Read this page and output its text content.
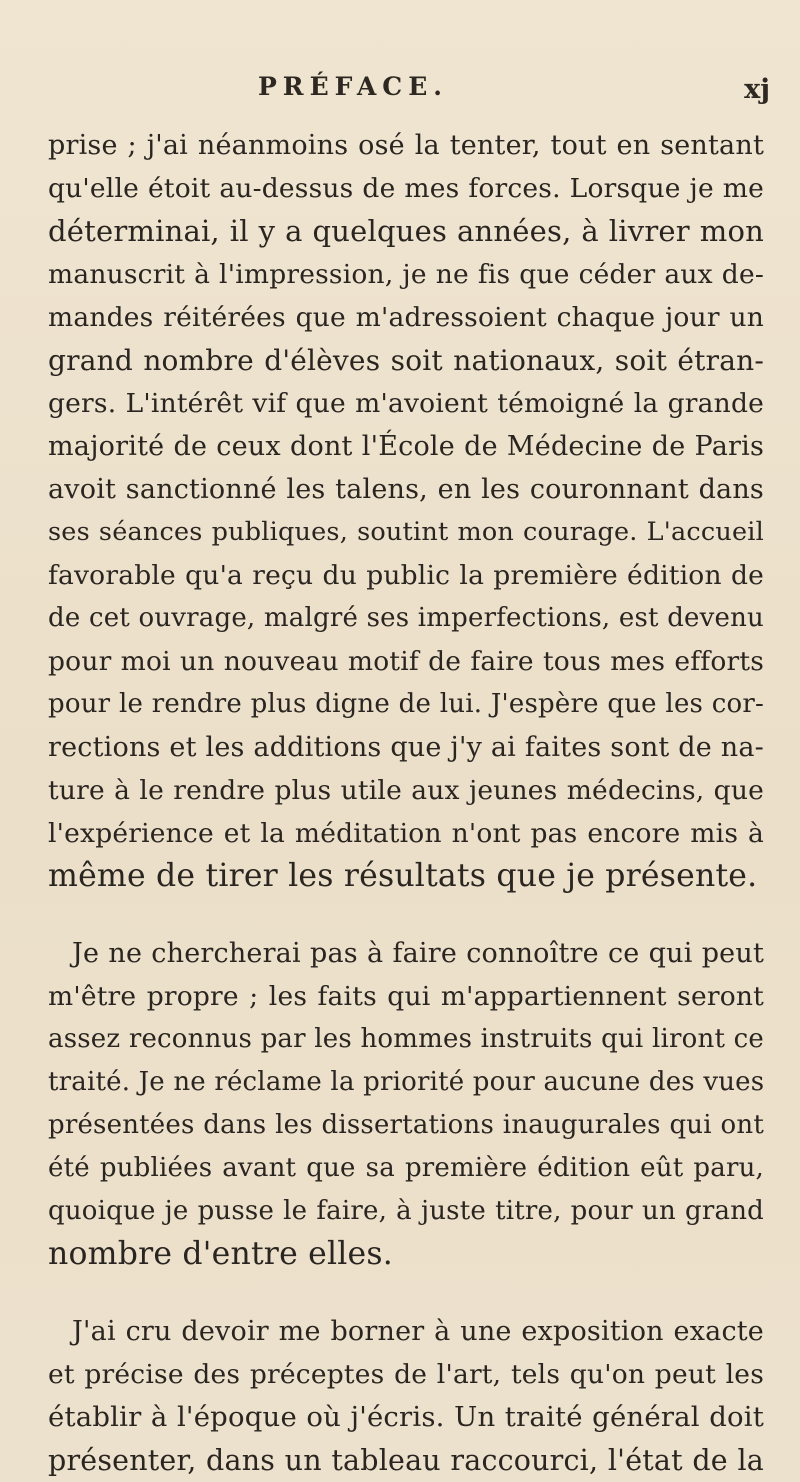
PRÉFACE.	xj
prise ; j'ai néanmoins osé la tenter, tout en sentant
qu'elle étoit au-dessus de mes forces. Lorsque je me
déterminai, il y a quelques années, à livrer mon
manuscrit à l'impression, je ne fis que céder aux de-
mandes réitérées que m'adressoient chaque jour un
grand nombre d'élèves soit nationaux, soit étran-
gers. L'intérêt vif que m'avoient témoigné la grande
majorité de ceux dont l'École de Médecine de Paris
avoit sanctionné les talens, en les couronnant dans
ses séances publiques, soutint mon courage. L'accueil
favorable qu'a reçu du public la première édition de
de cet ouvrage, malgré ses imperfections, est devenu
pour moi un nouveau motif de faire tous mes efforts
pour le rendre plus digne de lui. J'espère que les cor-
rections et les additions que j'y ai faites sont de na-
ture à le rendre plus utile aux jeunes médecins, que
l'expérience et la méditation n'ont pas encore mis à
même de tirer les résultats que je présente.
Je ne chercherai pas à faire connoître ce qui peut
m'être propre ; les faits qui m'appartiennent seront
assez reconnus par les hommes instruits qui liront ce
traité. Je ne réclame la priorité pour aucune des vues
présentées dans les dissertations inaugurales qui ont
été publiées avant que sa première édition eût paru,
quoique je pusse le faire, à juste titre, pour un grand
nombre d'entre elles.
J'ai cru devoir me borner à une exposition exacte
et précise des préceptes de l'art, tels qu'on peut les
établir à l'époque où j'écris. Un traité général doit
présenter, dans un tableau raccourci, l'état de la
